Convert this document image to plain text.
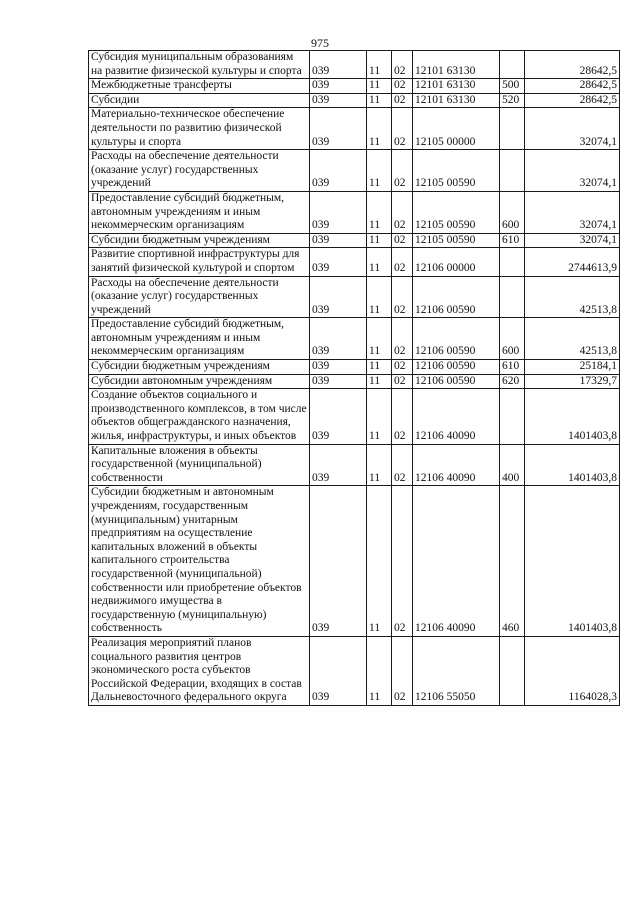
975
Субсидия муниципальным образованиям на развитие физической культуры и спорта	039	11	02	12101 63130		28642,5
Межбюджетные трансферты	039	11	02	12101 63130	500	28642,5
Субсидии	039	11	02	12101 63130	520	28642,5
Материально-техническое обеспечение деятельности по развитию физической культуры и спорта	039	11	02	12105 00000		32074,1
Расходы на обеспечение деятельности (оказание услуг) государственных учреждений	039	11	02	12105 00590		32074,1
Предоставление субсидий бюджетным, автономным учреждениям и иным некоммерческим организациям	039	11	02	12105 00590	600	32074,1
Субсидии бюджетным учреждениям	039	11	02	12105 00590	610	32074,1
Развитие спортивной инфраструктуры для занятий физической культурой и спортом	039	11	02	12106 00000		2744613,9
Расходы на обеспечение деятельности (оказание услуг) государственных учреждений	039	11	02	12106 00590		42513,8
Предоставление субсидий бюджетным, автономным учреждениям и иным некоммерческим организациям	039	11	02	12106 00590	600	42513,8
Субсидии бюджетным учреждениям	039	11	02	12106 00590	610	25184,1
Субсидии автономным учреждениям	039	11	02	12106 00590	620	17329,7
Создание объектов социального и производственного комплексов, в том числе объектов общегражданского назначения, жилья, инфраструктуры, и иных объектов	039	11	02	12106 40090		1401403,8
Капитальные вложения в объекты государственной (муниципальной) собственности	039	11	02	12106 40090	400	1401403,8
Субсидии бюджетным и автономным учреждениям, государственным (муниципальным) унитарным предприятиям на осуществление капитальных вложений в объекты капитального строительства государственной (муниципальной) собственности или приобретение объектов недвижимого имущества в государственную (муниципальную) собственность	039	11	02	12106 40090	460	1401403,8
Реализация мероприятий планов социального развития центров экономического роста субъектов Российской Федерации, входящих в состав Дальневосточного федерального округа	039	11	02	12106 55050		1164028,3
